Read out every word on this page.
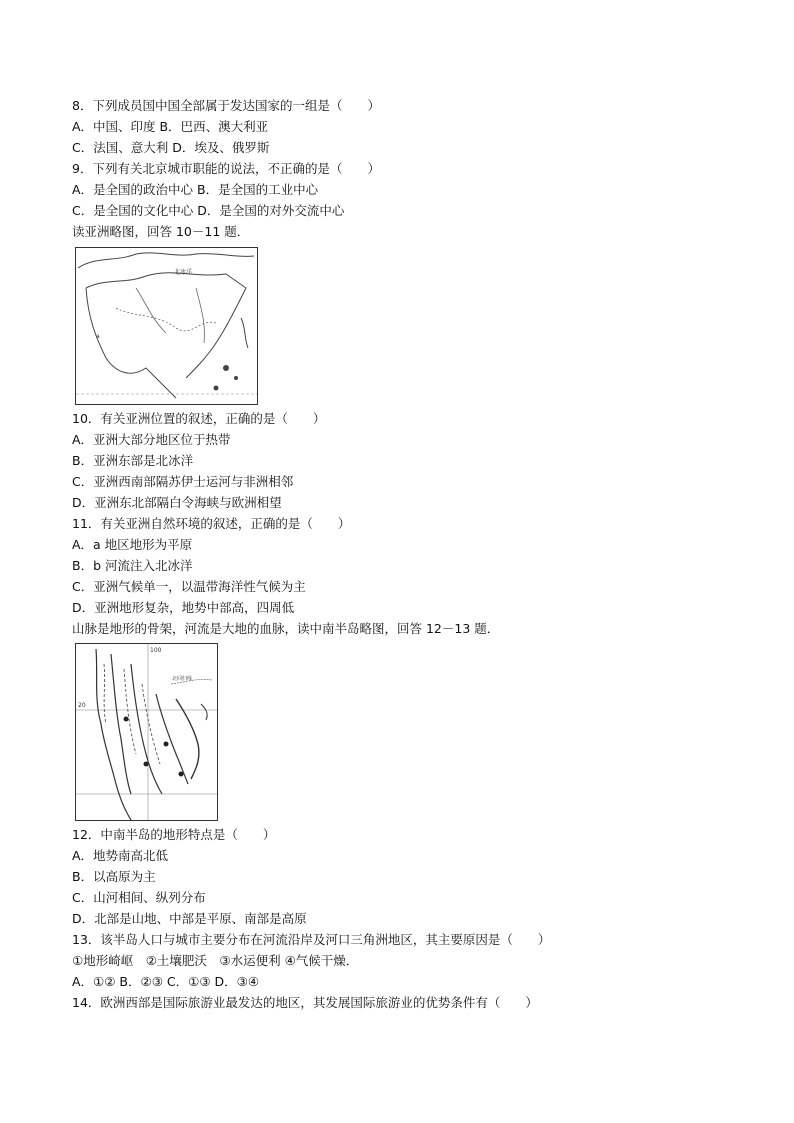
8．下列成员国中国全部属于发达国家的一组是（　　）
A．中国、印度 B．巴西、澳大利亚
C．法国、意大利 D．埃及、俄罗斯
9．下列有关北京城市职能的说法，不正确的是（　　）
A．是全国的政治中心 B．是全国的工业中心
C．是全国的文化中心 D．是全国的对外交流中心
读亚洲略图，回答 10－11 题．
北冰洋
a
10．有关亚洲位置的叙述，正确的是（　　）
A．亚洲大部分地区位于热带
B．亚洲东部是北冰洋
C．亚洲西南部隔苏伊士运河与非洲相邻
D．亚洲东北部隔白令海峡与欧洲相望
11．有关亚洲自然环境的叙述，正确的是（　　）
A．a 地区地形为平原
B．b 河流注入北冰洋
C．亚洲气候单一，以温带海洋性气候为主
D．亚洲地形复杂，地势中部高，四周低
山脉是地形的骨架，河流是大地的血脉，读中南半岛略图，回答 12－13 题．
100
20
北回归线
12．中南半岛的地形特点是（　　）
A．地势南高北低
B．以高原为主
C．山河相间、纵列分布
D．北部是山地、中部是平原、南部是高原
13．该半岛人口与城市主要分布在河流沿岸及河口三角洲地区，其主要原因是（　　）
①地形崎岖　②土壤肥沃　③水运便利 ④气候干燥．
A．①② B．②③ C．①③ D．③④
14．欧洲西部是国际旅游业最发达的地区，其发展国际旅游业的优势条件有（　　）
